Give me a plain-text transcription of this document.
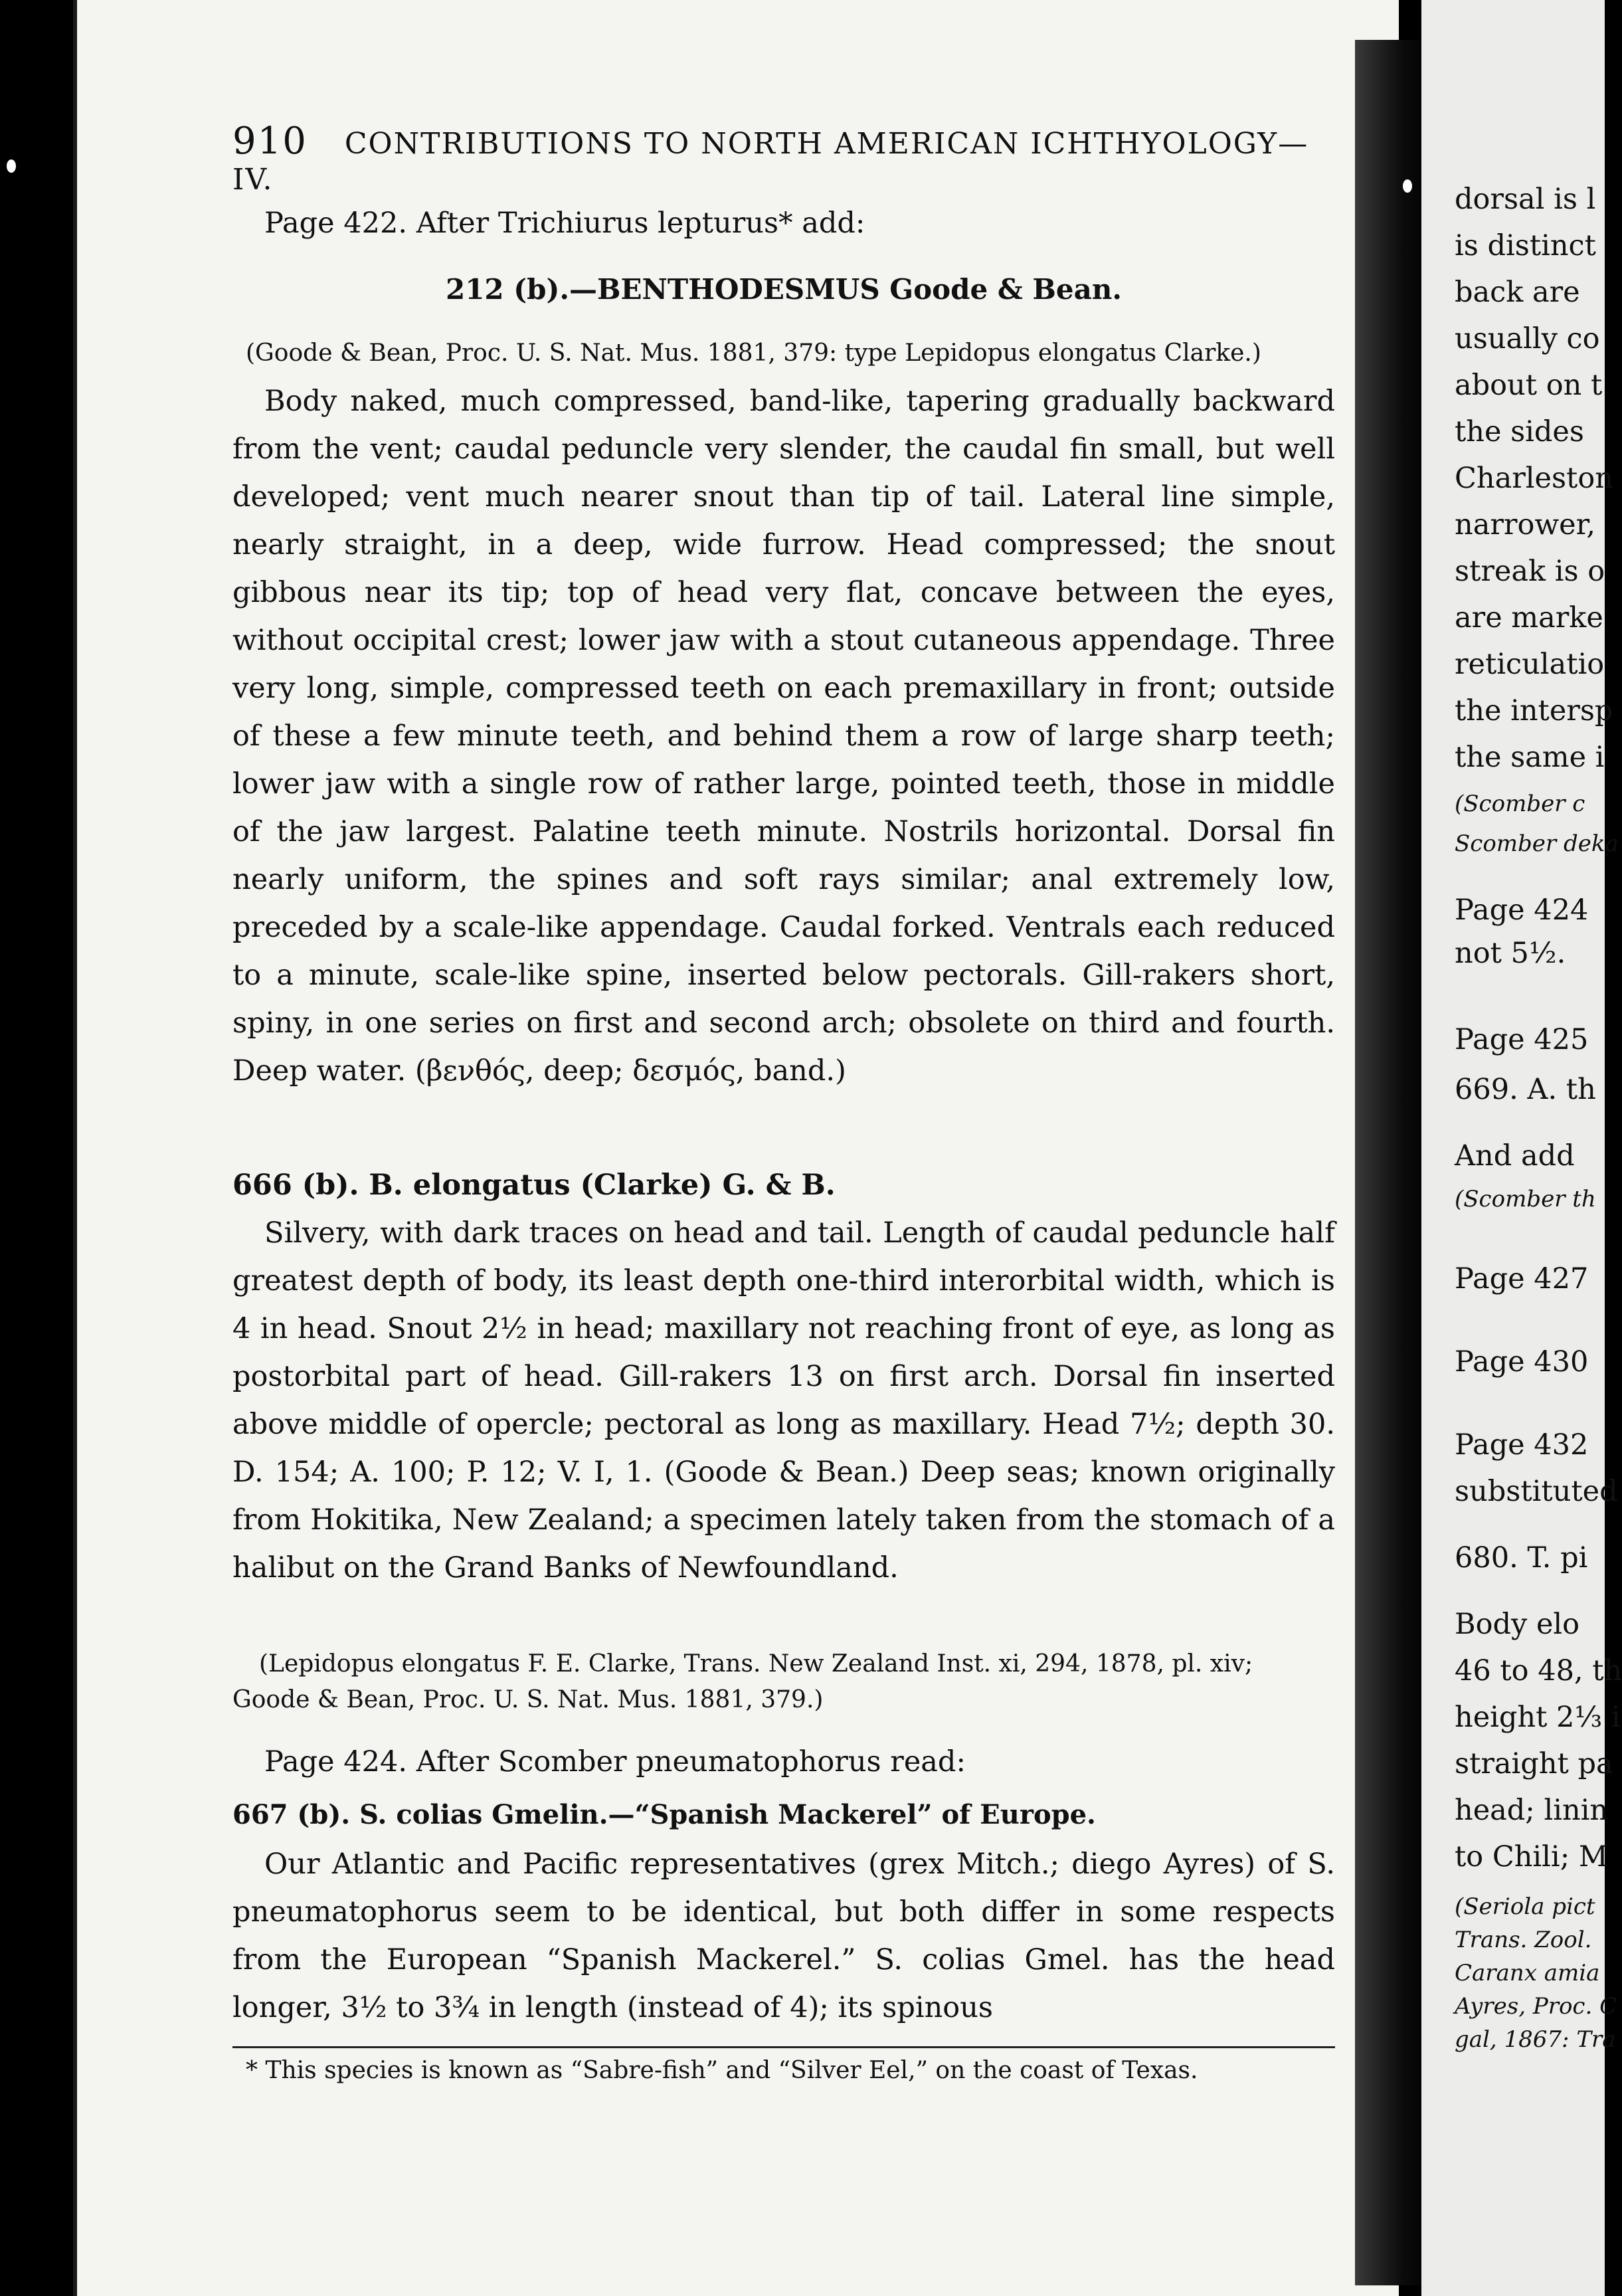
910 CONTRIBUTIONS TO NORTH AMERICAN ICHTHYOLOGY—IV.
Page 422. After Trichiurus lepturus* add:
212 (b).—BENTHODESMUS Goode & Bean.
(Goode & Bean, Proc. U. S. Nat. Mus. 1881, 379: type Lepidopus elongatus Clarke.)
Body naked, much compressed, band-like, tapering gradually backward from the vent; caudal peduncle very slender, the caudal fin small, but well developed; vent much nearer snout than tip of tail. Lateral line simple, nearly straight, in a deep, wide furrow. Head compressed; the snout gibbous near its tip; top of head very flat, concave between the eyes, without occipital crest; lower jaw with a stout cutaneous appendage. Three very long, simple, compressed teeth on each premaxillary in front; outside of these a few minute teeth, and behind them a row of large sharp teeth; lower jaw with a single row of rather large, pointed teeth, those in middle of the jaw largest. Palatine teeth minute. Nostrils horizontal. Dorsal fin nearly uniform, the spines and soft rays similar; anal extremely low, preceded by a scale-like appendage. Caudal forked. Ventrals each reduced to a minute, scale-like spine, inserted below pectorals. Gill-rakers short, spiny, in one series on first and second arch; obsolete on third and fourth. Deep water. (βενθός, deep; δεσμός, band.)
666 (b). B. elongatus (Clarke) G. & B.
Silvery, with dark traces on head and tail. Length of caudal peduncle half greatest depth of body, its least depth one-third interorbital width, which is 4 in head. Snout 2½ in head; maxillary not reaching front of eye, as long as postorbital part of head. Gill-rakers 13 on first arch. Dorsal fin inserted above middle of opercle; pectoral as long as maxillary. Head 7½; depth 30. D. 154; A. 100; P. 12; V. I, 1. (Goode & Bean.) Deep seas; known originally from Hokitika, New Zealand; a specimen lately taken from the stomach of a halibut on the Grand Banks of Newfoundland.
(Lepidopus elongatus F. E. Clarke, Trans. New Zealand Inst. xi, 294, 1878, pl. xiv; Goode & Bean, Proc. U. S. Nat. Mus. 1881, 379.)
Page 424. After Scomber pneumatophorus read:
667 (b). S. colias Gmelin.—“Spanish Mackerel” of Europe.
Our Atlantic and Pacific representatives (grex Mitch.; diego Ayres) of S. pneumatophorus seem to be identical, but both differ in some respects from the European “Spanish Mackerel.” S. colias Gmel. has the head longer, 3½ to 3¾ in length (instead of 4); its spinous
* This species is known as “Sabre-fish” and “Silver Eel,” on the coast of Texas.
dorsal is l
is distinct
back are
usually co
about on t
the sides
Charleston
narrower,
streak is o
are marke
reticulatio
the intersp
the same i
(Scomber c
Scomber deka
Page 424
not 5½.
Page 425
669. A. th
And add
(Scomber th
Page 427
Page 430
Page 432
substituted
680. T. pi
Body elo
46 to 48, th
height 2⅓ i
straight pa
head; linin
to Chili; M
(Seriola pict
Trans. Zool.
Caranx amia
Ayres, Proc. C
gal, 1867: Tra
